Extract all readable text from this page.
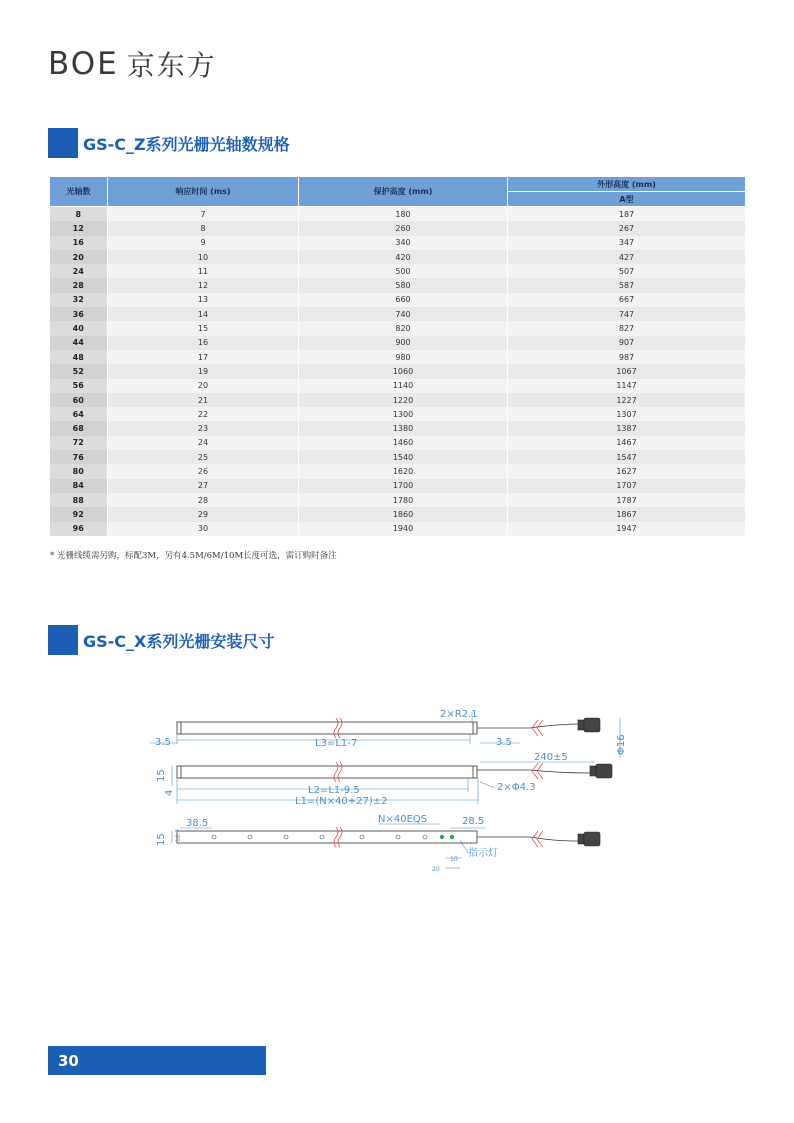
BOE 京东方
GS-C_Z系列光栅光轴数规格
光轴数	响应时间 (ms)	保护高度 (mm)	外形高度 (mm)
			A型
8	7	180	187
12	8	260	267
16	9	340	347
20	10	420	427
24	11	500	507
28	12	580	587
32	13	660	667
36	14	740	747
40	15	820	827
44	16	900	907
48	17	980	987
52	19	1060	1067
56	20	1140	1147
60	21	1220	1227
64	22	1300	1307
68	23	1380	1387
72	24	1460	1467
76	25	1540	1547
80	26	1620	1627
84	27	1700	1707
88	28	1780	1787
92	29	1860	1867
96	30	1940	1947
* 光栅线缆需另购，标配3M，另有4.5M/6M/10M长度可选，需订购时备注
GS-C_X系列光栅安装尺寸
2×R2.1
3.5	L3=L1-7	3.5	Φ16
240±5
15
4	L2=L1-9.5
L1=(N×40+27)±2
2×Φ4.3
38.5	N×40EQS	28.5
15
指示灯
10.7
10
20
30
